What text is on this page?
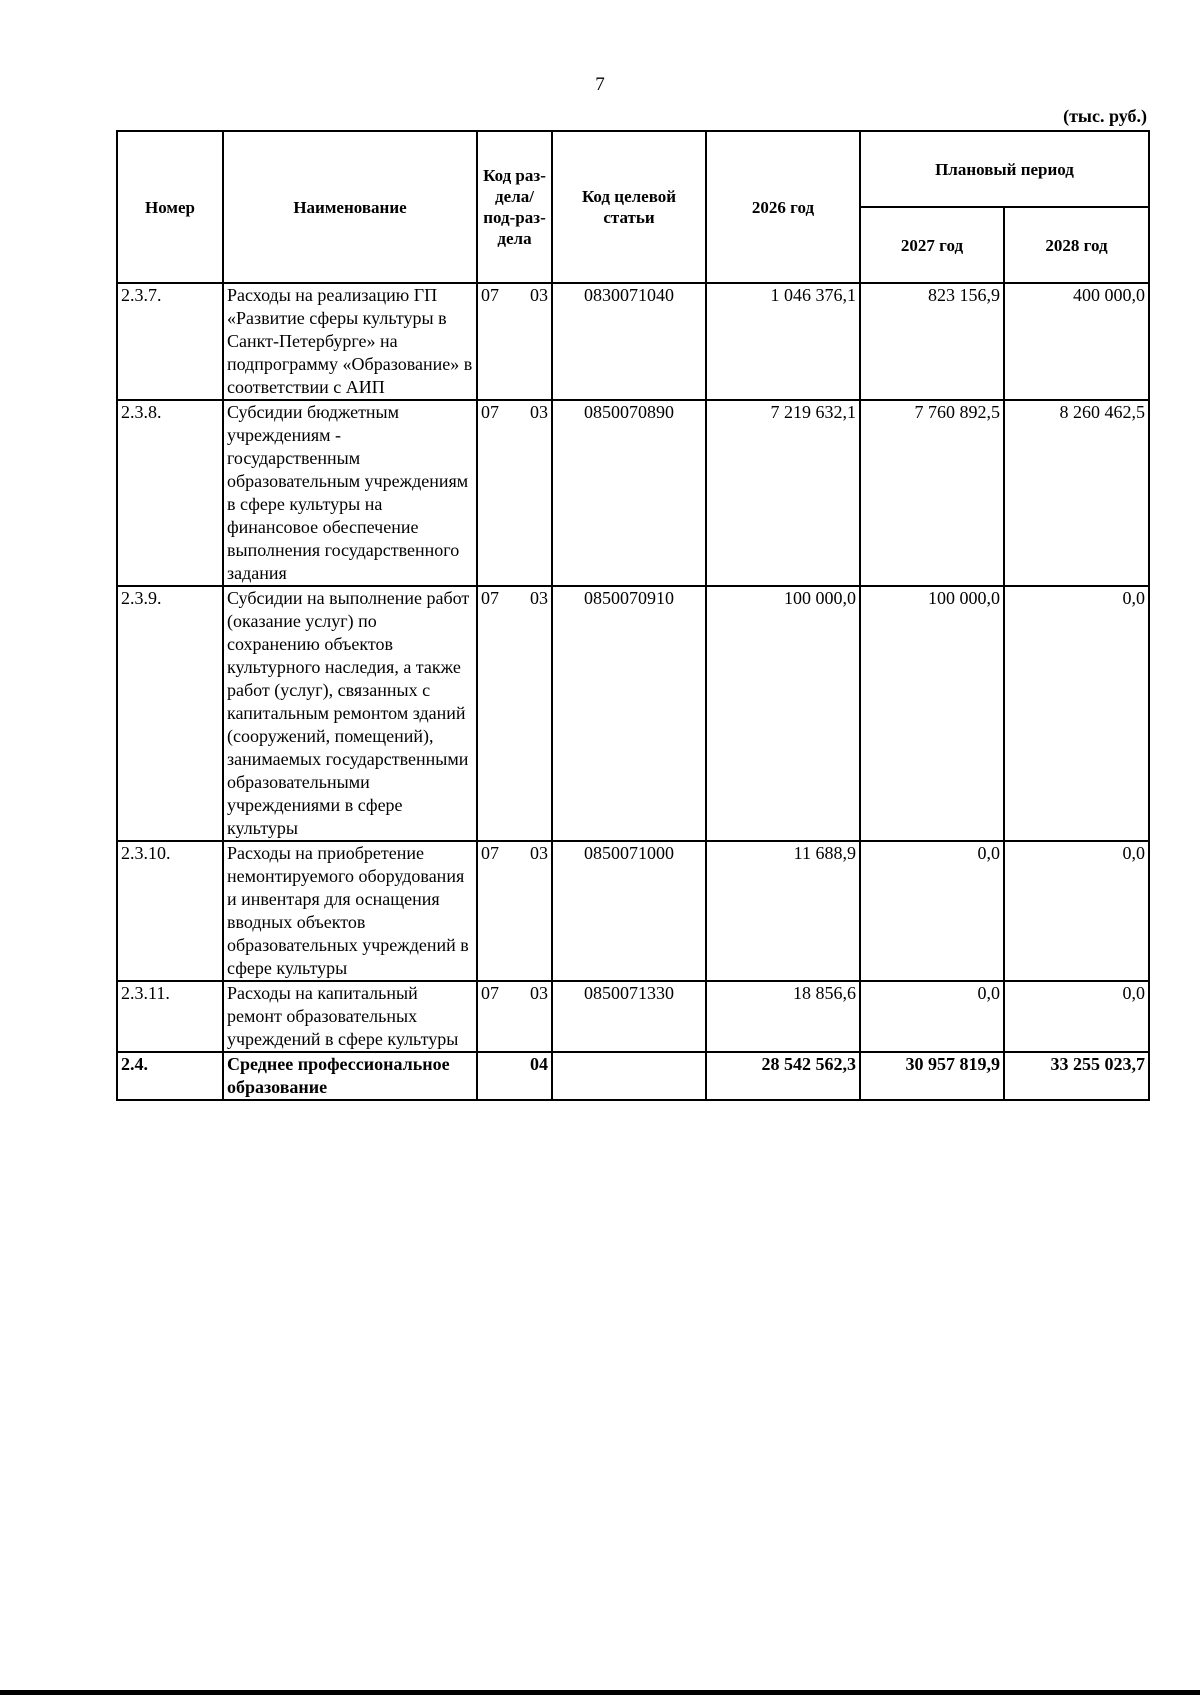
7
(тыс. руб.)
Номер	Наименование	Код раз-дела/ под-раз-дела	Код целевой статьи	2026 год	Плановый период	
					2027 год	2028 год
2.3.7.	Расходы на реализацию ГП «Развитие сферы культуры в Санкт-Петербурге» на подпрограмму «Образование» в соответствии с АИП	07 03	0830071040	1 046 376,1	823 156,9	400 000,0
2.3.8.	Субсидии бюджетным учреждениям - государственным образовательным учреждениям в сфере культуры на финансовое обеспечение выполнения государственного задания	07 03	0850070890	7 219 632,1	7 760 892,5	8 260 462,5
2.3.9.	Субсидии на выполнение работ (оказание услуг) по сохранению объектов культурного наследия, а также работ (услуг), связанных с капитальным ремонтом зданий (сооружений, помещений), занимаемых государственными образовательными учреждениями в сфере культуры	07 03	0850070910	100 000,0	100 000,0	0,0
2.3.10.	Расходы на приобретение немонтируемого оборудования и инвентаря для оснащения вводных объектов образовательных учреждений в сфере культуры	07 03	0850071000	11 688,9	0,0	0,0
2.3.11.	Расходы на капитальный ремонт образовательных учреждений в сфере культуры	07 03	0850071330	18 856,6	0,0	0,0
2.4.	Среднее профессиональное образование	04		28 542 562,3	30 957 819,9	33 255 023,7
